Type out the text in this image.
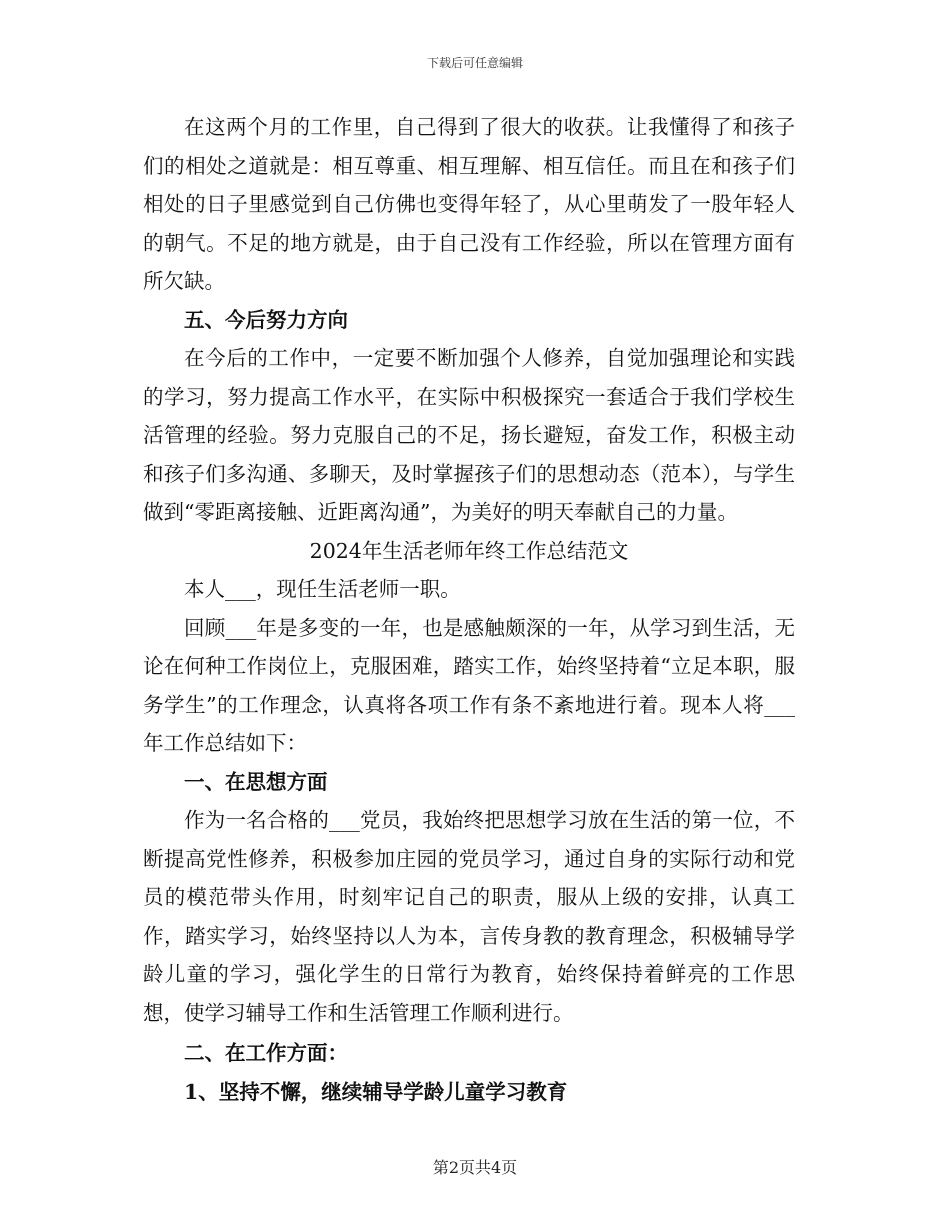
下载后可任意编辑

在这两个月的工作里，自己得到了很大的收获。让我懂得了和孩子们的相处之道就是：相互尊重、相互理解、相互信任。而且在和孩子们相处的日子里感觉到自己仿佛也变得年轻了，从心里萌发了一股年轻人的朝气。不足的地方就是，由于自己没有工作经验，所以在管理方面有所欠缺。

五、今后努力方向

在今后的工作中，一定要不断加强个人修养，自觉加强理论和实践的学习，努力提高工作水平，在实际中积极探究一套适合于我们学校生活管理的经验。努力克服自己的不足，扬长避短，奋发工作，积极主动和孩子们多沟通、多聊天，及时掌握孩子们的思想动态（范本），与学生做到“零距离接触、近距离沟通”，为美好的明天奉献自己的力量。

2024年生活老师年终工作总结范文

本人___，现任生活老师一职。

回顾___年是多变的一年，也是感触颇深的一年，从学习到生活，无论在何种工作岗位上，克服困难，踏实工作，始终坚持着“立足本职，服务学生”的工作理念，认真将各项工作有条不紊地进行着。现本人将___年工作总结如下：

一、在思想方面

作为一名合格的___党员，我始终把思想学习放在生活的第一位，不断提高党性修养，积极参加庄园的党员学习，通过自身的实际行动和党员的模范带头作用，时刻牢记自己的职责，服从上级的安排，认真工作，踏实学习，始终坚持以人为本，言传身教的教育理念，积极辅导学龄儿童的学习，强化学生的日常行为教育，始终保持着鲜亮的工作思想，使学习辅导工作和生活管理工作顺利进行。

二、在工作方面：
1、坚持不懈，继续辅导学龄儿童学习教育
第2页共4页
